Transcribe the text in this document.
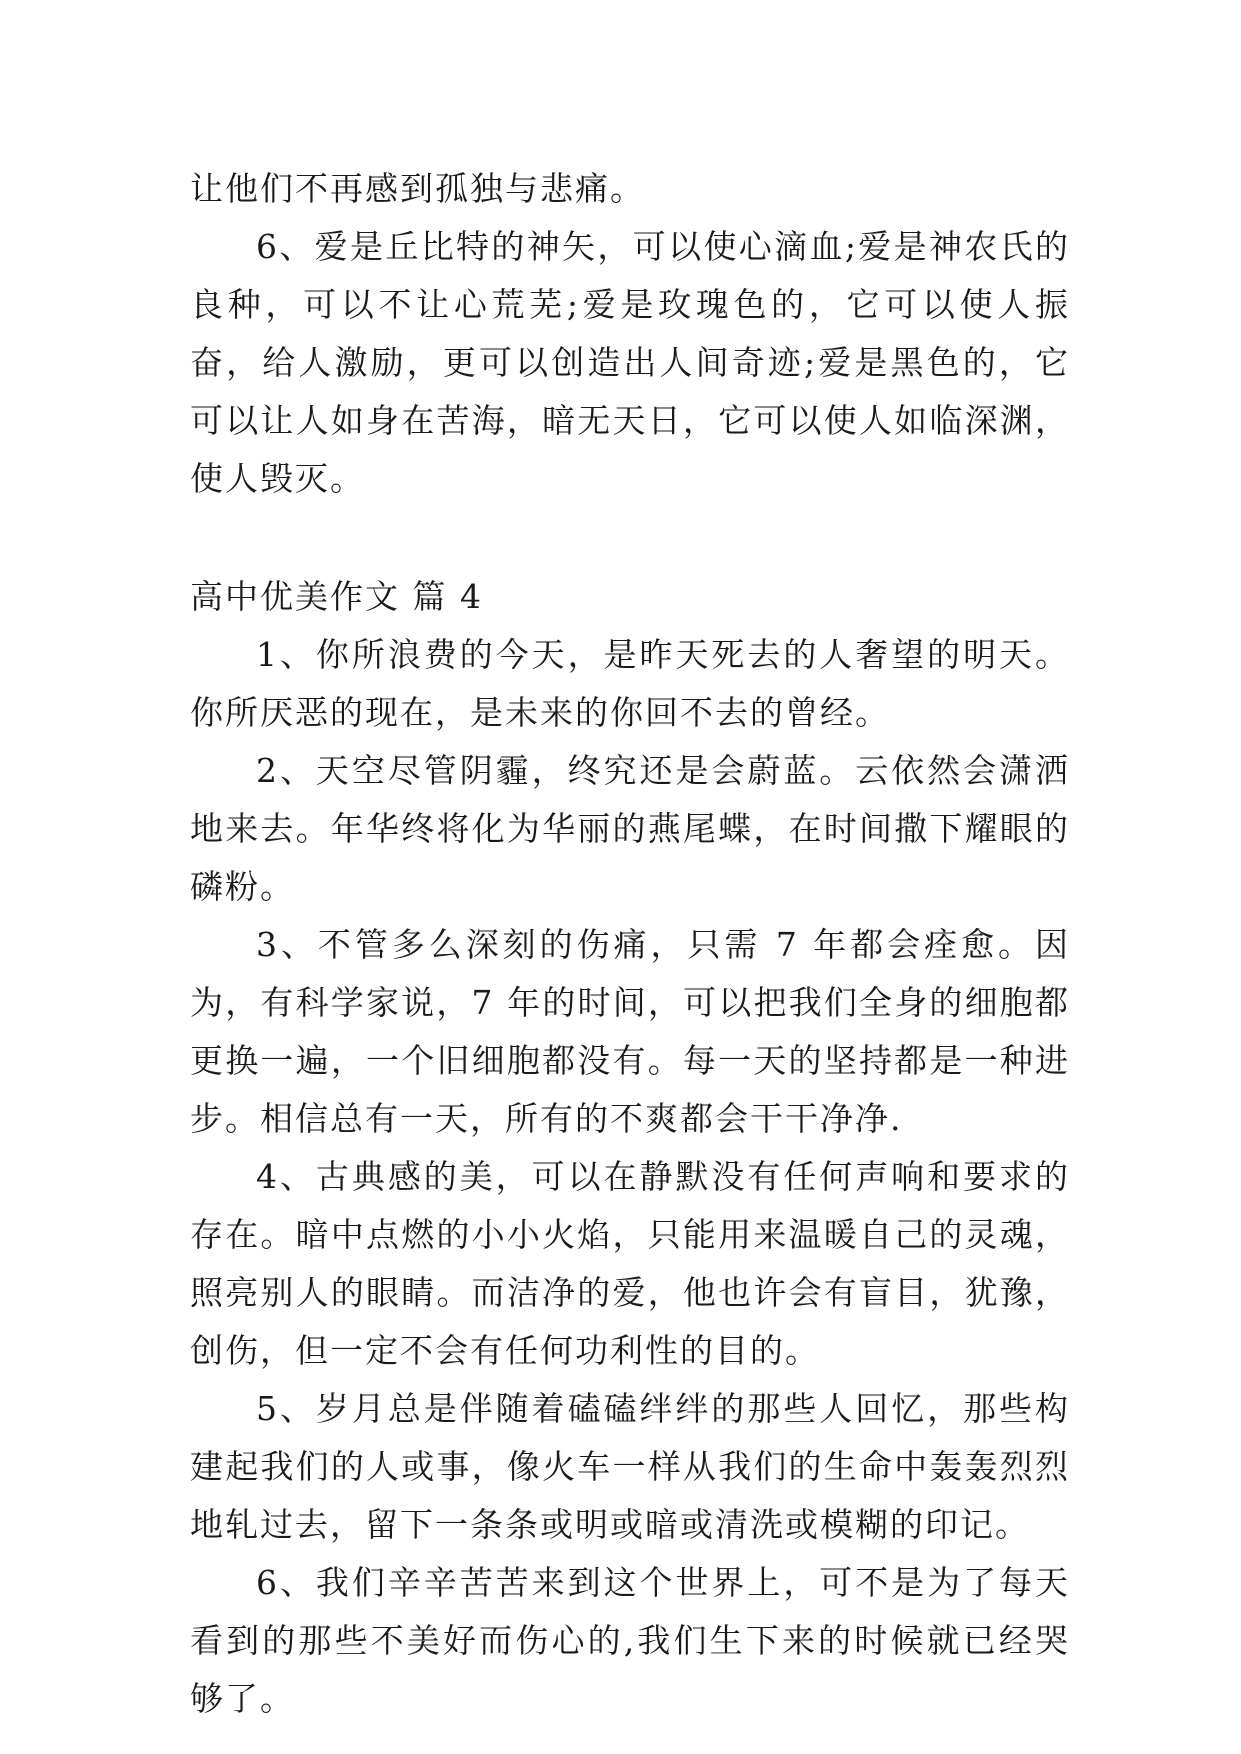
让他们不再感到孤独与悲痛。

6、爱是丘比特的神矢，可以使心滴血;爱是神农氏的良种，可以不让心荒芜;爱是玫瑰色的，它可以使人振奋，给人激励，更可以创造出人间奇迹;爱是黑色的，它可以让人如身在苦海，暗无天日，它可以使人如临深渊，使人毁灭。

高中优美作文 篇 4

1、你所浪费的今天，是昨天死去的人奢望的明天。你所厌恶的现在，是未来的你回不去的曾经。

2、天空尽管阴霾，终究还是会蔚蓝。云依然会潇洒地来去。年华终将化为华丽的燕尾蝶，在时间撒下耀眼的磷粉。

3、不管多么深刻的伤痛，只需 7 年都会痊愈。因为，有科学家说，7 年的时间，可以把我们全身的细胞都更换一遍，一个旧细胞都没有。每一天的坚持都是一种进步。相信总有一天，所有的不爽都会干干净净.

4、古典感的美，可以在静默没有任何声响和要求的存在。暗中点燃的小小火焰，只能用来温暖自己的灵魂，照亮别人的眼睛。而洁净的爱，他也许会有盲目，犹豫，创伤，但一定不会有任何功利性的目的。

5、岁月总是伴随着磕磕绊绊的那些人回忆，那些构建起我们的人或事，像火车一样从我们的生命中轰轰烈烈地轧过去，留下一条条或明或暗或清洗或模糊的印记。

6、我们辛辛苦苦来到这个世界上，可不是为了每天看到的那些不美好而伤心的,我们生下来的时候就已经哭够了。
